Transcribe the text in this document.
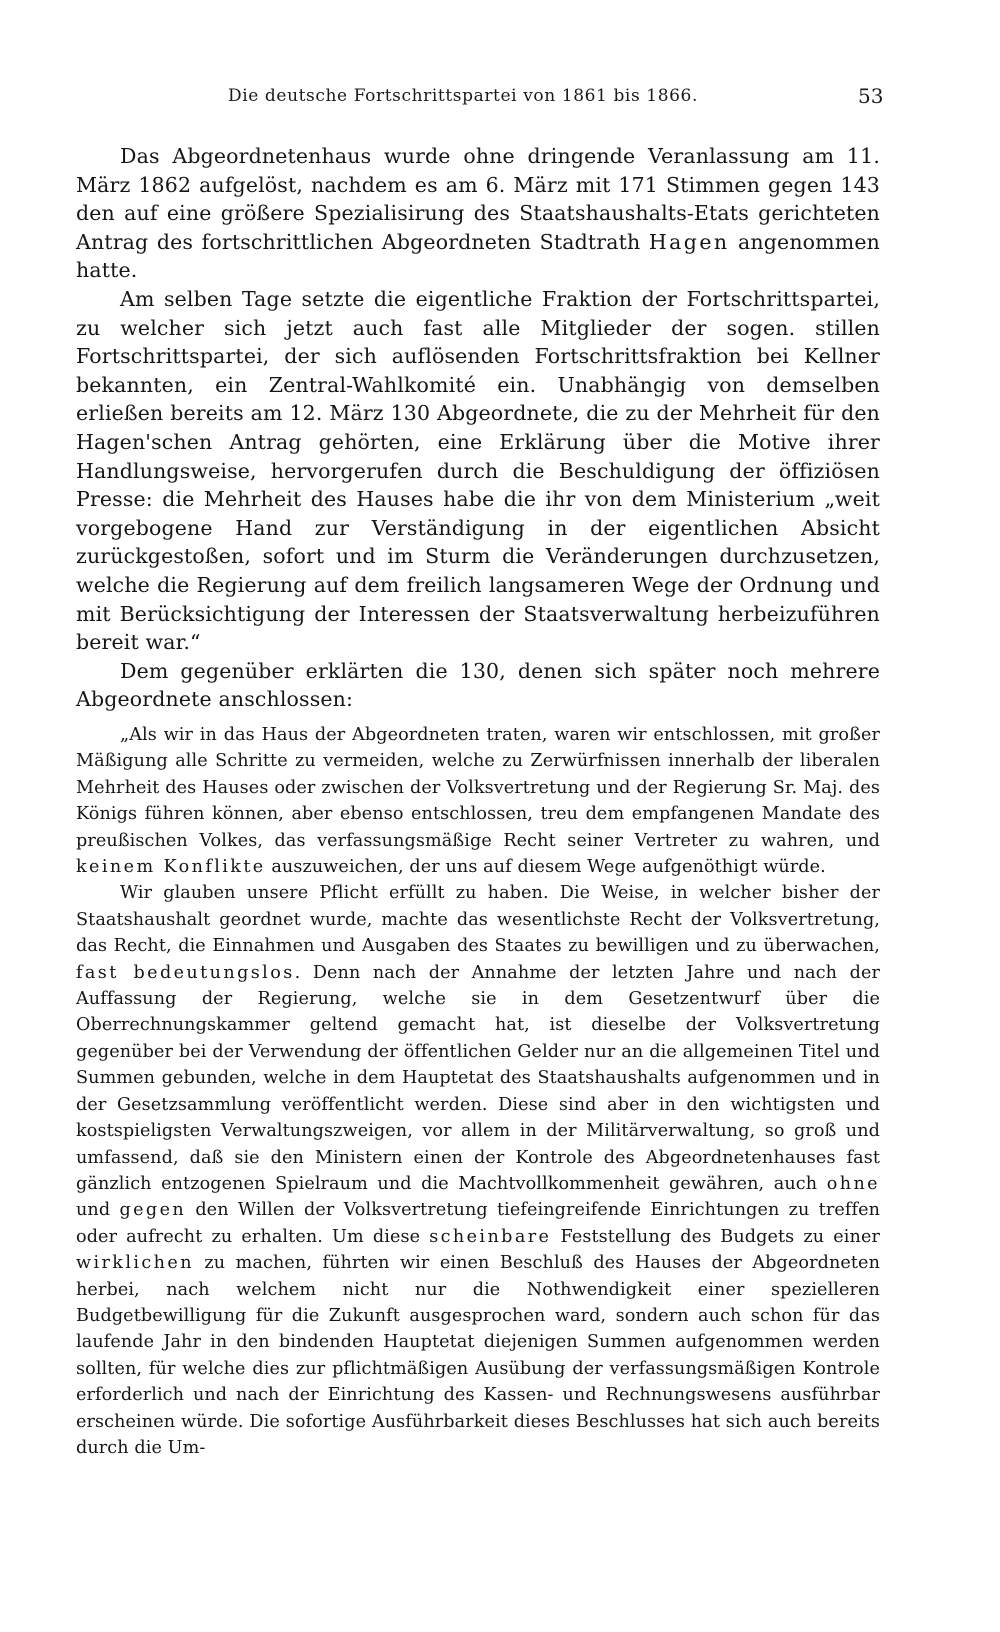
Die deutsche Fortschrittspartei von 1861 bis 1866.	53

Das Abgeordnetenhaus wurde ohne dringende Veranlassung am 11. März 1862 aufgelöst, nachdem es am 6. März mit 171 Stimmen gegen 143 den auf eine größere Spezialisirung des Staatshaushalts-Etats gerichteten Antrag des fortschrittlichen Abgeordneten Stadtrath Hagen angenommen hatte.

Am selben Tage setzte die eigentliche Fraktion der Fortschrittspartei, zu welcher sich jetzt auch fast alle Mitglieder der sogen. stillen Fortschrittspartei, der sich auflösenden Fortschrittsfraktion bei Kellner bekannten, ein Zentral-Wahlkomité ein. Unabhängig von demselben erließen bereits am 12. März 130 Abgeordnete, die zu der Mehrheit für den Hagen'schen Antrag gehörten, eine Erklärung über die Motive ihrer Handlungsweise, hervorgerufen durch die Beschuldigung der öffiziösen Presse: die Mehrheit des Hauses habe die ihr von dem Ministerium „weit vorgebogene Hand zur Verständigung in der eigentlichen Absicht zurückgestoßen, sofort und im Sturm die Veränderungen durchzusetzen, welche die Regierung auf dem freilich langsameren Wege der Ordnung und mit Berücksichtigung der Interessen der Staatsverwaltung herbeizuführen bereit war.“

Dem gegenüber erklärten die 130, denen sich später noch mehrere Abgeordnete anschlossen:

„Als wir in das Haus der Abgeordneten traten, waren wir entschlossen, mit großer Mäßigung alle Schritte zu vermeiden, welche zu Zerwürfnissen innerhalb der liberalen Mehrheit des Hauses oder zwischen der Volksvertretung und der Regierung Sr. Maj. des Königs führen können, aber ebenso entschlossen, treu dem empfangenen Mandate des preußischen Volkes, das verfassungsmäßige Recht seiner Vertreter zu wahren, und keinem Konflikte auszuweichen, der uns auf diesem Wege aufgenöthigt würde.

Wir glauben unsere Pflicht erfüllt zu haben. Die Weise, in welcher bisher der Staatshaushalt geordnet wurde, machte das wesentlichste Recht der Volksvertretung, das Recht, die Einnahmen und Ausgaben des Staates zu bewilligen und zu überwachen, fast bedeutungslos. Denn nach der Annahme der letzten Jahre und nach der Auffassung der Regierung, welche sie in dem Gesetzentwurf über die Oberrechnungskammer geltend gemacht hat, ist dieselbe der Volksvertretung gegenüber bei der Verwendung der öffentlichen Gelder nur an die allgemeinen Titel und Summen gebunden, welche in dem Hauptetat des Staatshaushalts aufgenommen und in der Gesetzsammlung veröffentlicht werden. Diese sind aber in den wichtigsten und kostspieligsten Verwaltungszweigen, vor allem in der Militärverwaltung, so groß und umfassend, daß sie den Ministern einen der Kontrole des Abgeordnetenhauses fast gänzlich entzogenen Spielraum und die Machtvollkommenheit gewähren, auch ohne und gegen den Willen der Volksvertretung tiefeingreifende Einrichtungen zu treffen oder aufrecht zu erhalten. Um diese scheinbare Feststellung des Budgets zu einer wirklichen zu machen, führten wir einen Beschluß des Hauses der Abgeordneten herbei, nach welchem nicht nur die Nothwendigkeit einer spezielleren Budgetbewilligung für die Zukunft ausgesprochen ward, sondern auch schon für das laufende Jahr in den bindenden Hauptetat diejenigen Summen aufgenommen werden sollten, für welche dies zur pflichtmäßigen Ausübung der verfassungsmäßigen Kontrole erforderlich und nach der Einrichtung des Kassen- und Rechnungswesens ausführbar erscheinen würde. Die sofortige Ausführbarkeit dieses Beschlusses hat sich auch bereits durch die Um-
